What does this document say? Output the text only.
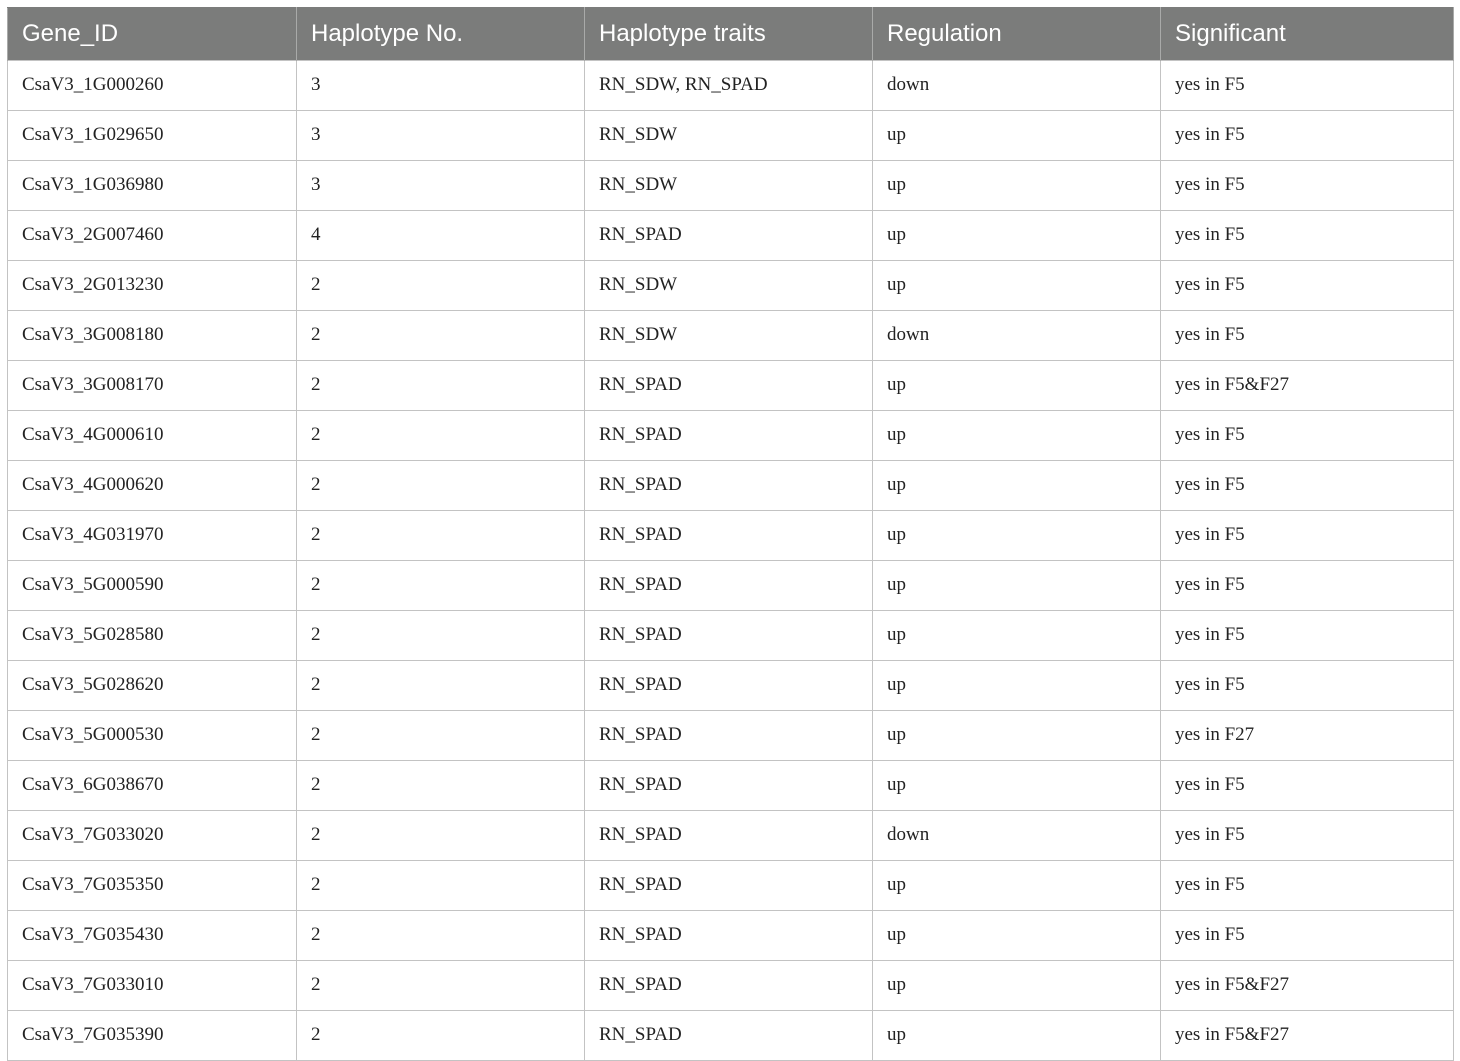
Gene_ID	Haplotype No.	Haplotype traits	Regulation	Significant
CsaV3_1G000260	3	RN_SDW, RN_SPAD	down	yes in F5
CsaV3_1G029650	3	RN_SDW	up	yes in F5
CsaV3_1G036980	3	RN_SDW	up	yes in F5
CsaV3_2G007460	4	RN_SPAD	up	yes in F5
CsaV3_2G013230	2	RN_SDW	up	yes in F5
CsaV3_3G008180	2	RN_SDW	down	yes in F5
CsaV3_3G008170	2	RN_SPAD	up	yes in F5&F27
CsaV3_4G000610	2	RN_SPAD	up	yes in F5
CsaV3_4G000620	2	RN_SPAD	up	yes in F5
CsaV3_4G031970	2	RN_SPAD	up	yes in F5
CsaV3_5G000590	2	RN_SPAD	up	yes in F5
CsaV3_5G028580	2	RN_SPAD	up	yes in F5
CsaV3_5G028620	2	RN_SPAD	up	yes in F5
CsaV3_5G000530	2	RN_SPAD	up	yes in F27
CsaV3_6G038670	2	RN_SPAD	up	yes in F5
CsaV3_7G033020	2	RN_SPAD	down	yes in F5
CsaV3_7G035350	2	RN_SPAD	up	yes in F5
CsaV3_7G035430	2	RN_SPAD	up	yes in F5
CsaV3_7G033010	2	RN_SPAD	up	yes in F5&F27
CsaV3_7G035390	2	RN_SPAD	up	yes in F5&F27
